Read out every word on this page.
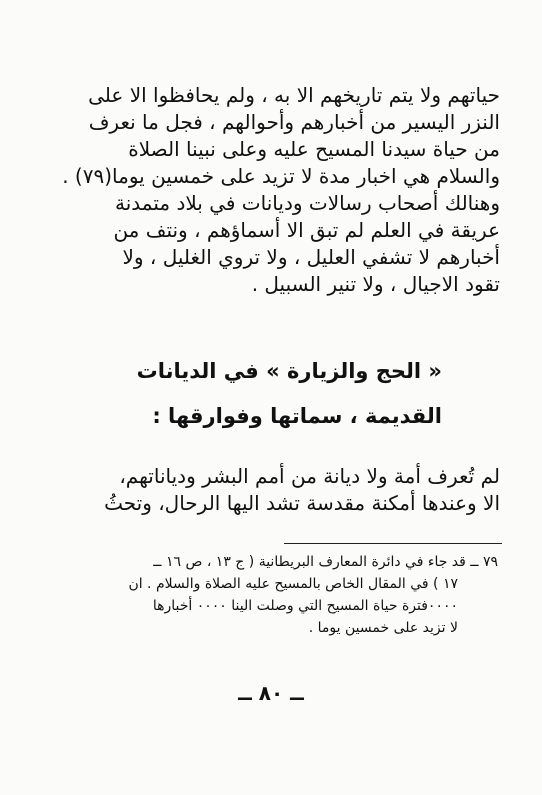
حياتهم ولا يتم تاريخهم الا به ، ولم يحافظوا الا على
النزر اليسير من أخبارهم وأحوالهم ، فجل ما نعرف
من حياة سيدنا المسيح عليه وعلى نبينا الصلاة
والسلام هي اخبار مدة لا تزيد على خمسين يوما(٧٩) .
وهنالك أصحاب رسالات وديانات في بلاد متمدنة
عريقة في العلم لم تبق الا أسماؤهم ، ونتف من
أخبارهم لا تشفي العليل ، ولا تروي الغليل ، ولا
تقود الاجيال ، ولا تنير السبيل .
« الحج والزيارة » في الديانات
القديمة ، سماتها وفوارقها :
لم تُعرف أمة ولا ديانة من أمم البشر ودياناتهم،
الا وعندها أمكنة مقدسة تشد اليها الرحال، وتحثُ
٧٩ ــ قد جاء في دائرة المعارف البريطانية ( ج ١٣ ، ص ١٦ ــ
١٧ ) في المقال الخاص بالمسيح عليه الصلاة والسلام . ان
٠٠٠٠فترة حياة المسيح التي وصلت الينا ٠٠٠٠ أخبارها
لا تزيد على خمسين يوما .
ــ ٨٠ ــ
